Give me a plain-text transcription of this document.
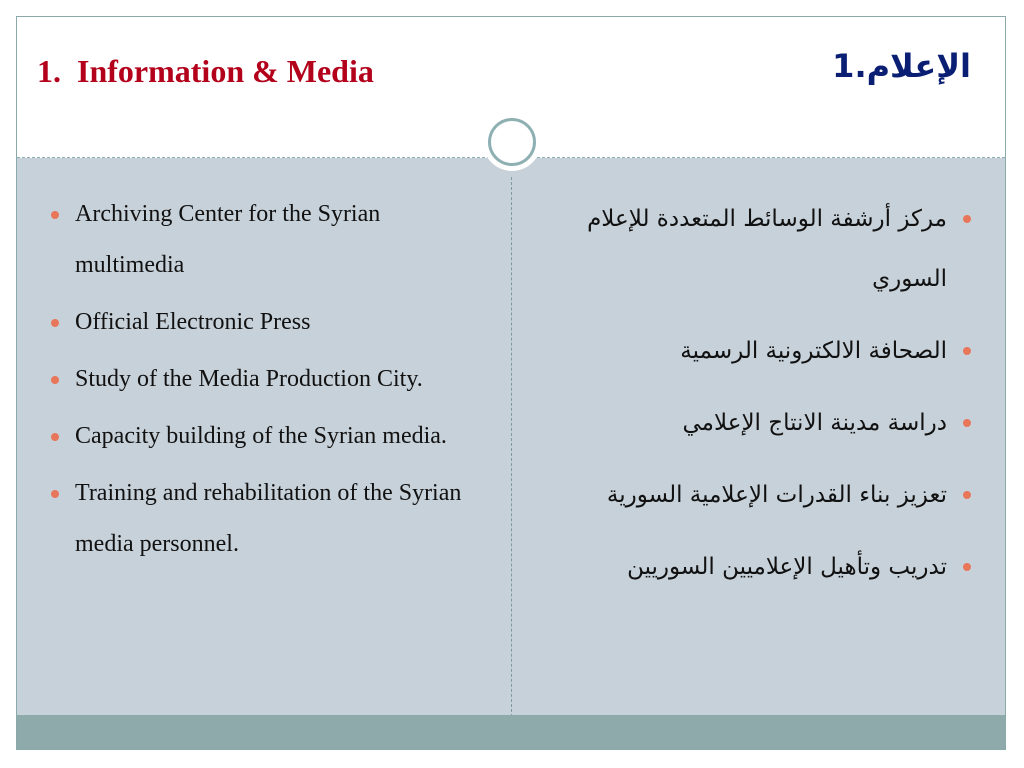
1. Information & Media	الإعلام.1
Archiving Center for the Syrian multimedia
Official Electronic Press
Study of the Media Production City.
Capacity building of the Syrian media.
Training and rehabilitation of the Syrian media personnel.
مركز أرشفة الوسائط المتعددة للإعلام السوري
الصحافة الالكترونية الرسمية
دراسة مدينة الانتاج الإعلامي
تعزيز بناء القدرات الإعلامية السورية
تدريب وتأهيل الإعلاميين السوريين
